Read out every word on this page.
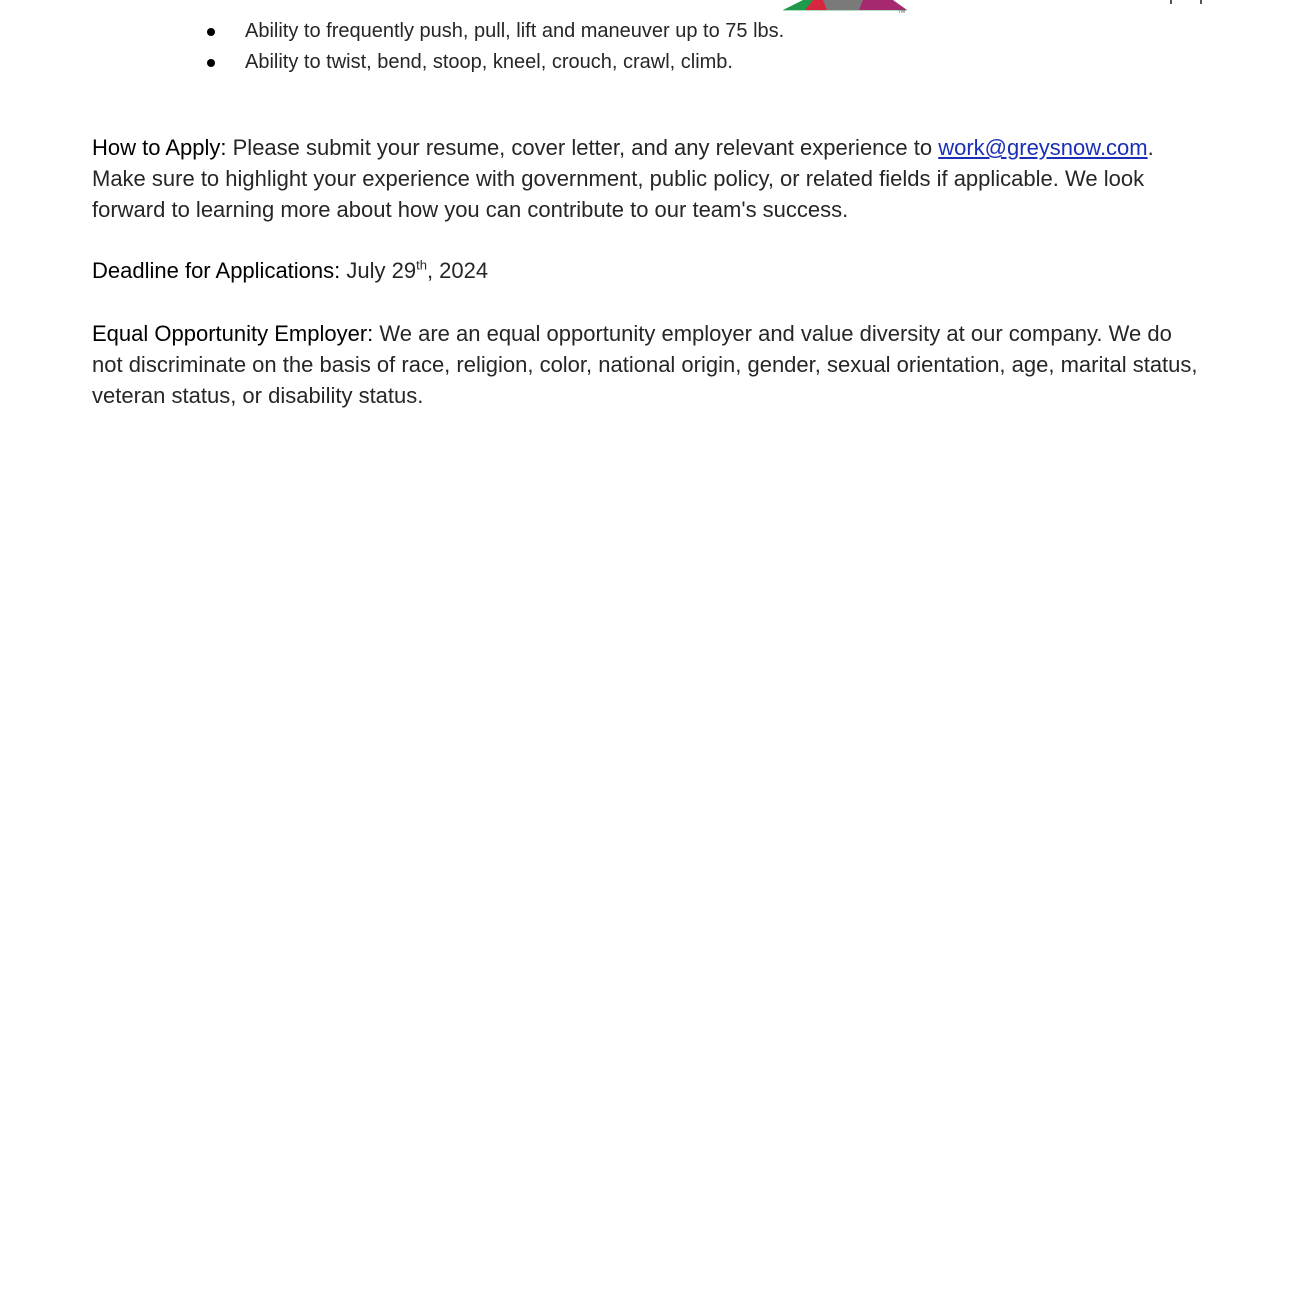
TM
Ability to frequently push, pull, lift and maneuver up to 75 lbs.
Ability to twist, bend, stoop, kneel, crouch, crawl, climb.

How to Apply: Please submit your resume, cover letter, and any relevant experience to work@greysnow.com. Make sure to highlight your experience with government, public policy, or related fields if applicable. We look forward to learning more about how you can contribute to our team's success.

Deadline for Applications: July 29th, 2024

Equal Opportunity Employer: We are an equal opportunity employer and value diversity at our company. We do not discriminate on the basis of race, religion, color, national origin, gender, sexual orientation, age, marital status, veteran status, or disability status.
